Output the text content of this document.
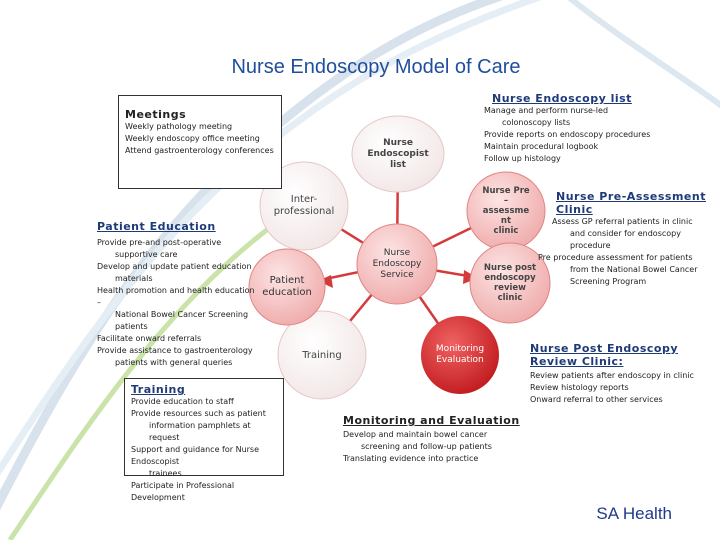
Nurse Endoscopy Model of Care
Nurse
Endoscopy
Service
Nurse
Endoscopist
list
Nurse Pre
–
assessme
nt
clinic
Nurse post
endoscopy
review
clinic
Monitoring
Evaluation
Training
Patient
education
Inter-
professional
Meetings
Weekly pathology meeting
Weekly endoscopy office meeting
Attend gastroenterology conferences
Nurse Endoscopy list
Manage and perform nurse-led
colonoscopy lists
Provide reports on endoscopy procedures
Maintain procedural logbook
Follow up histology
Nurse Pre-Assessment
Clinic
Assess GP referral patients in clinic
and consider for endoscopy
procedure
Pre procedure assessment for patients
from the National Bowel Cancer
Screening Program
Patient Education
Provide pre-and post-operative
supportive care
Develop and update patient education
materials
Health promotion and health education –
National Bowel Cancer Screening
patients
Facilitate onward referrals
Provide assistance to gastroenterology
patients with general queries
Nurse Post Endoscopy
Review Clinic:
Review patients after endoscopy in clinic
Review histology reports
Onward referral to other services
Training
Provide education to staff
Provide resources such as patient
information pamphlets at request
Support and guidance for Nurse Endoscopist
trainees
Participate in Professional Development
Monitoring and Evaluation
Develop and maintain bowel cancer
screening and follow-up patients
Translating evidence into practice
SA Health
